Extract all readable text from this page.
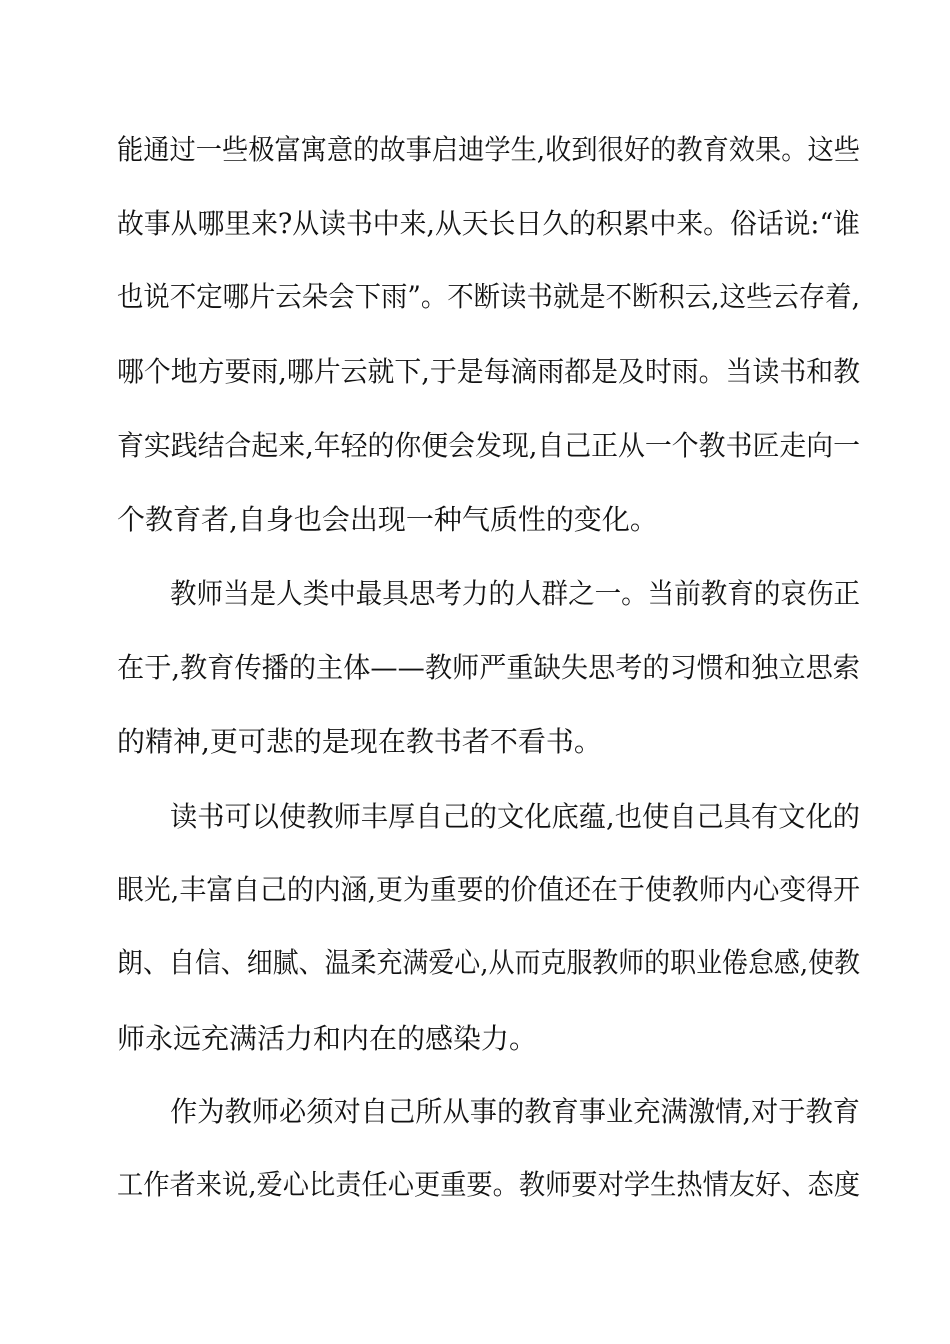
能通过一些极富寓意的故事启迪学生,收到很好的教育效果。这些
故事从哪里来?从读书中来,从天长日久的积累中来。俗话说:“谁
也说不定哪片云朵会下雨”。不断读书就是不断积云,这些云存着,
哪个地方要雨,哪片云就下,于是每滴雨都是及时雨。当读书和教
育实践结合起来,年轻的你便会发现,自己正从一个教书匠走向一
个教育者,自身也会出现一种气质性的变化。
教师当是人类中最具思考力的人群之一。当前教育的哀伤正
在于,教育传播的主体——教师严重缺失思考的习惯和独立思索
的精神,更可悲的是现在教书者不看书。
读书可以使教师丰厚自己的文化底蕴,也使自己具有文化的
眼光,丰富自己的内涵,更为重要的价值还在于使教师内心变得开
朗、自信、细腻、温柔充满爱心,从而克服教师的职业倦怠感,使教
师永远充满活力和内在的感染力。
作为教师必须对自己所从事的教育事业充满激情,对于教育
工作者来说,爱心比责任心更重要。教师要对学生热情友好、态度
